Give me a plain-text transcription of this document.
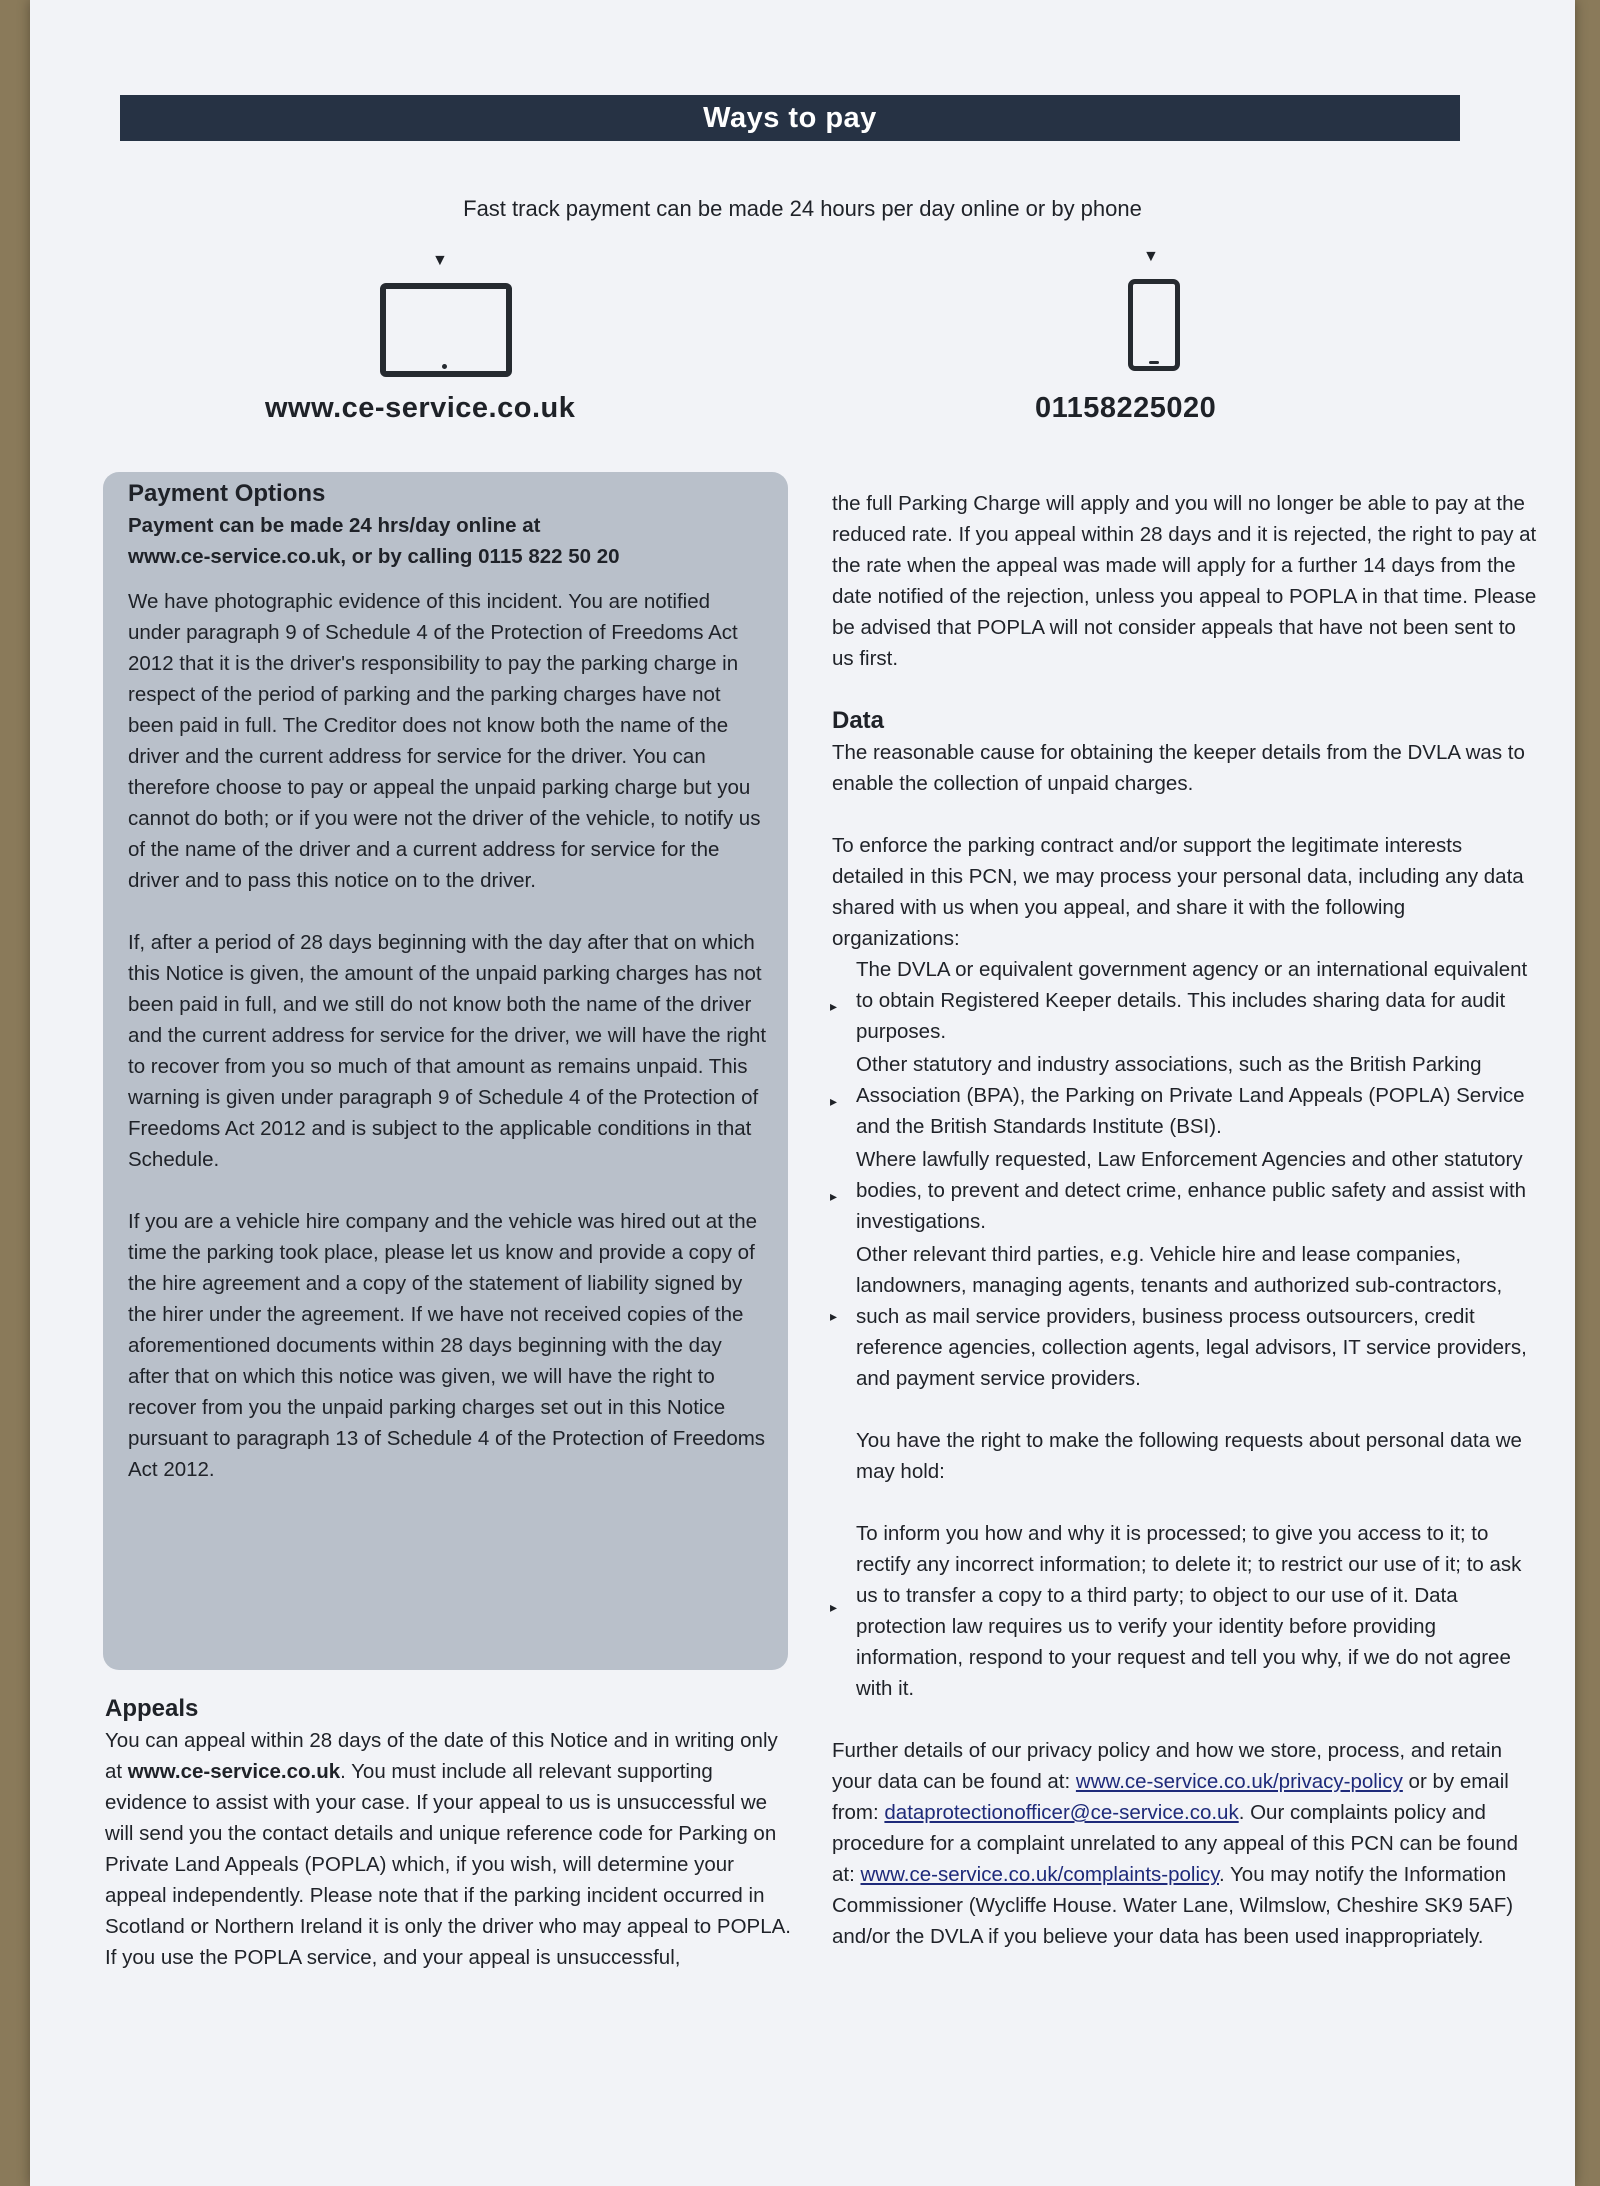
Ways to pay
Fast track payment can be made 24 hours per day online or by phone
▼
www.ce-service.co.uk
▼
01158225020
Payment Options
Payment can be made 24 hrs/day online at
www.ce-service.co.uk, or by calling 0115 822 50 20

We have photographic evidence of this incident. You are notified under paragraph 9 of Schedule 4 of the Protection of Freedoms Act 2012 that it is the driver's responsibility to pay the parking charge in respect of the period of parking and the parking charges have not been paid in full. The Creditor does not know both the name of the driver and the current address for service for the driver. You can therefore choose to pay or appeal the unpaid parking charge but you cannot do both; or if you were not the driver of the vehicle, to notify us of the name of the driver and a current address for service for the driver and to pass this notice on to the driver.

If, after a period of 28 days beginning with the day after that on which this Notice is given, the amount of the unpaid parking charges has not been paid in full, and we still do not know both the name of the driver and the current address for service for the driver, we will have the right to recover from you so much of that amount as remains unpaid. This warning is given under paragraph 9 of Schedule 4 of the Protection of Freedoms Act 2012 and is subject to the applicable conditions in that Schedule.

If you are a vehicle hire company and the vehicle was hired out at the time the parking took place, please let us know and provide a copy of the hire agreement and a copy of the statement of liability signed by the hirer under the agreement. If we have not received copies of the aforementioned documents within 28 days beginning with the day after that on which this notice was given, we will have the right to recover from you the unpaid parking charges set out in this Notice pursuant to paragraph 13 of Schedule 4 of the Protection of Freedoms Act 2012.

Appeals
You can appeal within 28 days of the date of this Notice and in writing only at www.ce-service.co.uk. You must include all relevant supporting evidence to assist with your case. If your appeal to us is unsuccessful we will send you the contact details and unique reference code for Parking on Private Land Appeals (POPLA) which, if you wish, will determine your appeal independently. Please note that if the parking incident occurred in Scotland or Northern Ireland it is only the driver who may appeal to POPLA.
If you use the POPLA service, and your appeal is unsuccessful,

the full Parking Charge will apply and you will no longer be able to pay at the reduced rate. If you appeal within 28 days and it is rejected, the right to pay at the rate when the appeal was made will apply for a further 14 days from the date notified of the rejection, unless you appeal to POPLA in that time. Please be advised that POPLA will not consider appeals that have not been sent to us first.

Data

The reasonable cause for obtaining the keeper details from the DVLA was to enable the collection of unpaid charges.

To enforce the parking contract and/or support the legitimate interests detailed in this PCN, we may process your personal data, including any data shared with us when you appeal, and share it with the following organizations:
▸ The DVLA or equivalent government agency or an international equivalent to obtain Registered Keeper details. This includes sharing data for audit purposes.
▸ Other statutory and industry associations, such as the British Parking Association (BPA), the Parking on Private Land Appeals (POPLA) Service and the British Standards Institute (BSI).
▸ Where lawfully requested, Law Enforcement Agencies and other statutory bodies, to prevent and detect crime, enhance public safety and assist with investigations.
▸ Other relevant third parties, e.g. Vehicle hire and lease companies, landowners, managing agents, tenants and authorized sub-contractors, such as mail service providers, business process outsourcers, credit reference agencies, collection agents, legal advisors, IT service providers, and payment service providers.

You have the right to make the following requests about personal data we may hold:

▸ To inform you how and why it is processed; to give you access to it; to rectify any incorrect information; to delete it; to restrict our use of it; to ask us to transfer a copy to a third party; to object to our use of it. Data protection law requires us to verify your identity before providing information, respond to your request and tell you why, if we do not agree with it.
Further details of our privacy policy and how we store, process, and retain your data can be found at: www.ce-service.co.uk/privacy-policy or by email from: dataprotectionofficer@ce-service.co.uk. Our complaints policy and procedure for a complaint unrelated to any appeal of this PCN can be found at: www.ce-service.co.uk/complaints-policy. You may notify the Information Commissioner (Wycliffe House. Water Lane, Wilmslow, Cheshire SK9 5AF) and/or the DVLA if you believe your data has been used inappropriately.
